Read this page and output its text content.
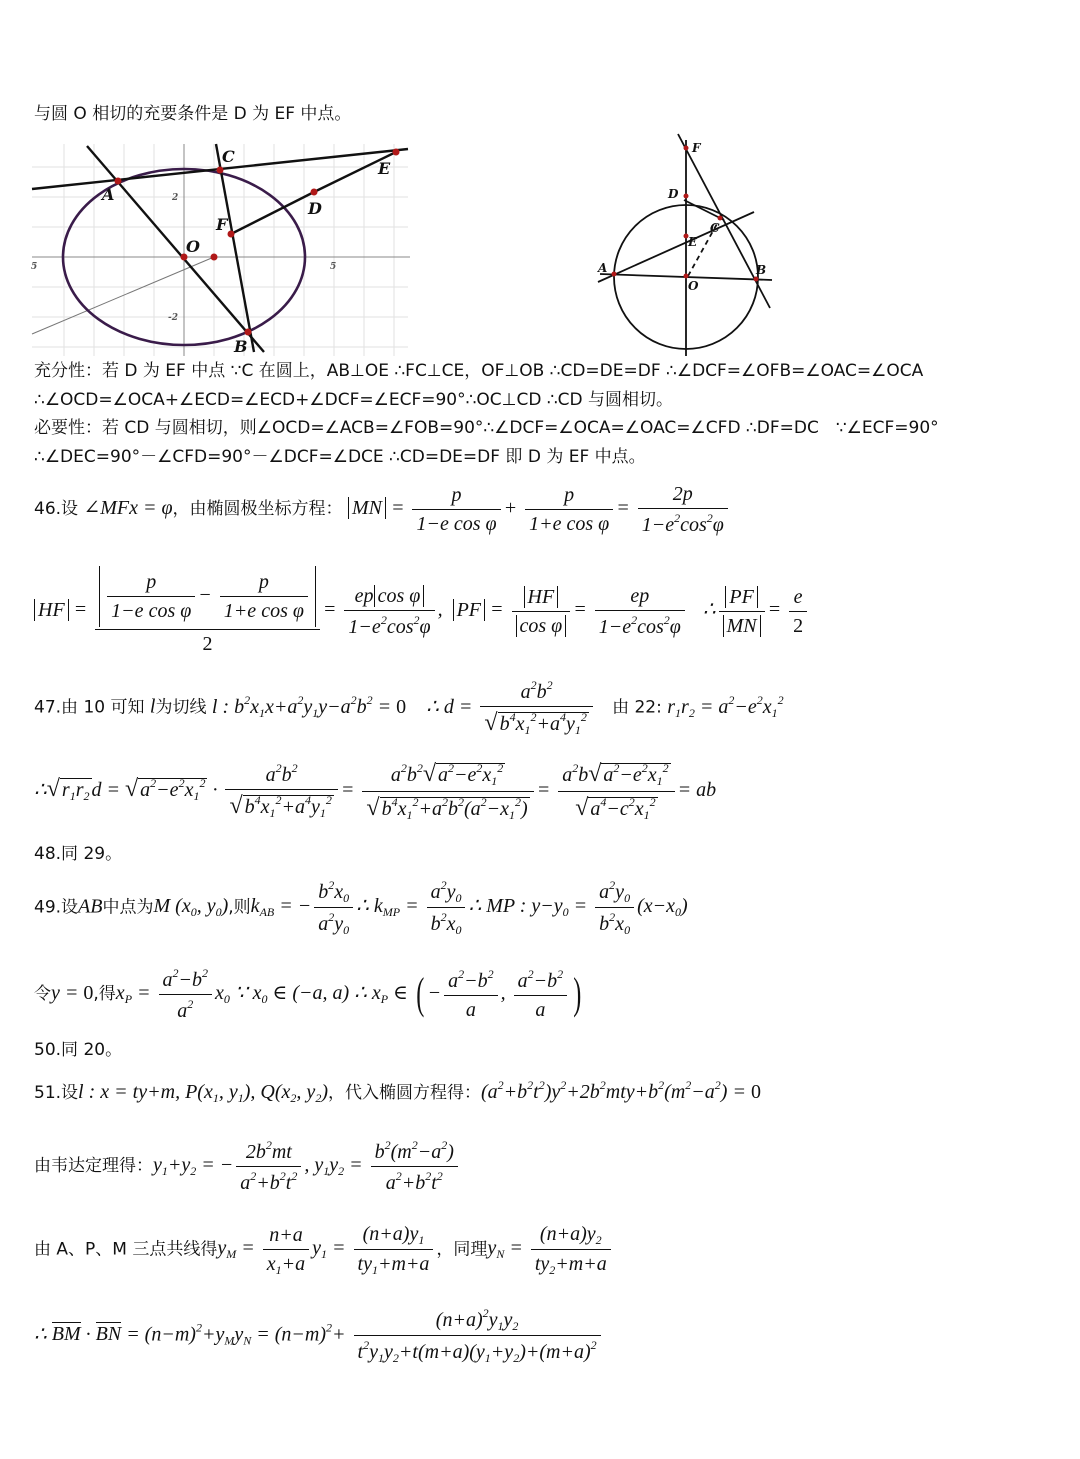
与圆 O 相切的充要条件是 D 为 EF 中点。
5	5
2
-2
A
C
E
D
F
O
B
F
D
E
C
A	B
O
充分性：若 D 为 EF 中点 ∵C 在圆上，AB⊥OE ∴FC⊥CE，OF⊥OB ∴CD=DE=DF ∴∠DCF=∠OFB=∠OAC=∠OCA
∴∠OCD=∠OCA+∠ECD=∠ECD+∠DCF=∠ECF=90°∴OC⊥CD ∴CD 与圆相切。
必要性：若 CD 与圆相切，则∠OCD=∠ACB=∠FOB=90°∴∠DCF=∠OCA=∠OAC=∠CFD ∴DF=DC　∵∠ECF=90°
∴∠DEC=90°－∠CFD=90°－∠DCF=∠DCE ∴CD=DE=DF 即 D 为 EF 中点。
46.设 ∠MFx = φ，由椭圆极坐标方程： MN = $\frac{p}{\text{1−e cos φ}} + \frac{p}{\text{1+e cos φ}} = \frac{2p}{1-e^2\cos^2\varphi}$
HF = $\frac{\frac{p}{\text{1−e cos φ}} - \frac{p}{\text{1+e cos φ}}}{2} = \frac{\text{ep cos φ}}{1-e^2\cos^2\varphi}$ ,  PF = $\frac{HF}{\text{cos φ}} = \frac{ep}{1-e^2\cos^2\varphi}$ ∴ $\frac{PF}{MN} = \frac{e}{2}$
47.由 10 可知 l为切线 l : $b^2x_1x+a^2y_1y-a^2b^2 = 0$    ∴ $d = \frac{a^2b^2}{√ b^4x_1^2+a^4y_1^2}$ 由 22: $r_1r_2 = a^2-e^2x_1^2$
∴√ $r_1r_2$ d = √ $a^2-e^2x_1^2 \cdot \frac{a^2b^2}{√ b^4x_1^2+a^4y_1^2} = \frac{a^2b^2√ a^2-e^2x_1^2}{√ b^4x_1^2+a^2b^2(a^2-x_1^2)} = \frac{a^2b√ a^2-e^2x_1^2}{√ a^4-c^2x_1^2}$ = ab
48.同 29。
49.设AB中点为M ($x_0$, $y_0$),则$k_{AB}$ = − $\frac{b^2x_0}{a^2y_0}$ ∴ $k_{MP} = \frac{a^2y_0}{b^2x_0}$ ∴ MP : $y-y_0 = \frac{a^2y_0}{b^2x_0} (x-x_0)$
令y = 0,得$x_P = \frac{a^2-b^2}{a^2} x_0$ ∵ $x_0$ ∈ (−a, a) ∴ $x_P$ ∈ ( − $\frac{a^2-b^2}{a}$ , $\frac{a^2-b^2}{a}$ )
50.同 20。
51.设l : x = ty+m, $P(x_1$, $y_1$), $Q(x_2$, $y_2$)，代入椭圆方程得：$(a^2+b^2t^2)y^2+2b^2mty+b^2(m^2-a^2) = 0$
由韦达定理得：$y_1+y_2$ = − $\frac{2b^2mt}{a^2+b^2t^2}$ , $y_1y_2 = \frac{b^2(m^2-a^2)}{a^2+b^2t^2}$
由 A、P、M 三点共线得$y_M = \frac{n+a}{x_1+a} y_1 = \frac{(n+a)y_1}{ty_1+m+a}$ ，同理$y_N = \frac{(n+a)y_2}{ty_2+m+a}$
∴ BM · BN = $(n-m)^2+y_My_N = (n-m)^2+ \frac{(n+a)^2y_1y_2}{t^2y_1y_2+t(m+a)(y_1+y_2)+(m+a)^2}$
